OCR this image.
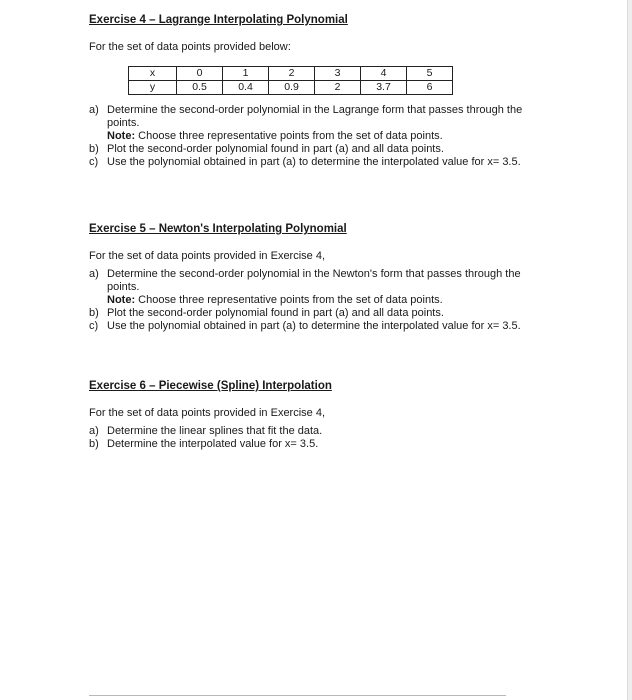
Exercise 4 – Lagrange Interpolating Polynomial
For the set of data points provided below:
x	0	1	2	3	4	5
y	0.5	0.4	0.9	2	3.7	6
a) Determine the second-order polynomial in the Lagrange form that passes through the points.
Note: Choose three representative points from the set of data points.
b) Plot the second-order polynomial found in part (a) and all data points.
c) Use the polynomial obtained in part (a) to determine the interpolated value for x= 3.5.
Exercise 5 – Newton's Interpolating Polynomial
For the set of data points provided in Exercise 4,
a) Determine the second-order polynomial in the Newton's form that passes through the points.
Note: Choose three representative points from the set of data points.
b) Plot the second-order polynomial found in part (a) and all data points.
c) Use the polynomial obtained in part (a) to determine the interpolated value for x= 3.5.
Exercise 6 – Piecewise (Spline) Interpolation
For the set of data points provided in Exercise 4,
a) Determine the linear splines that fit the data.
b) Determine the interpolated value for x= 3.5.
